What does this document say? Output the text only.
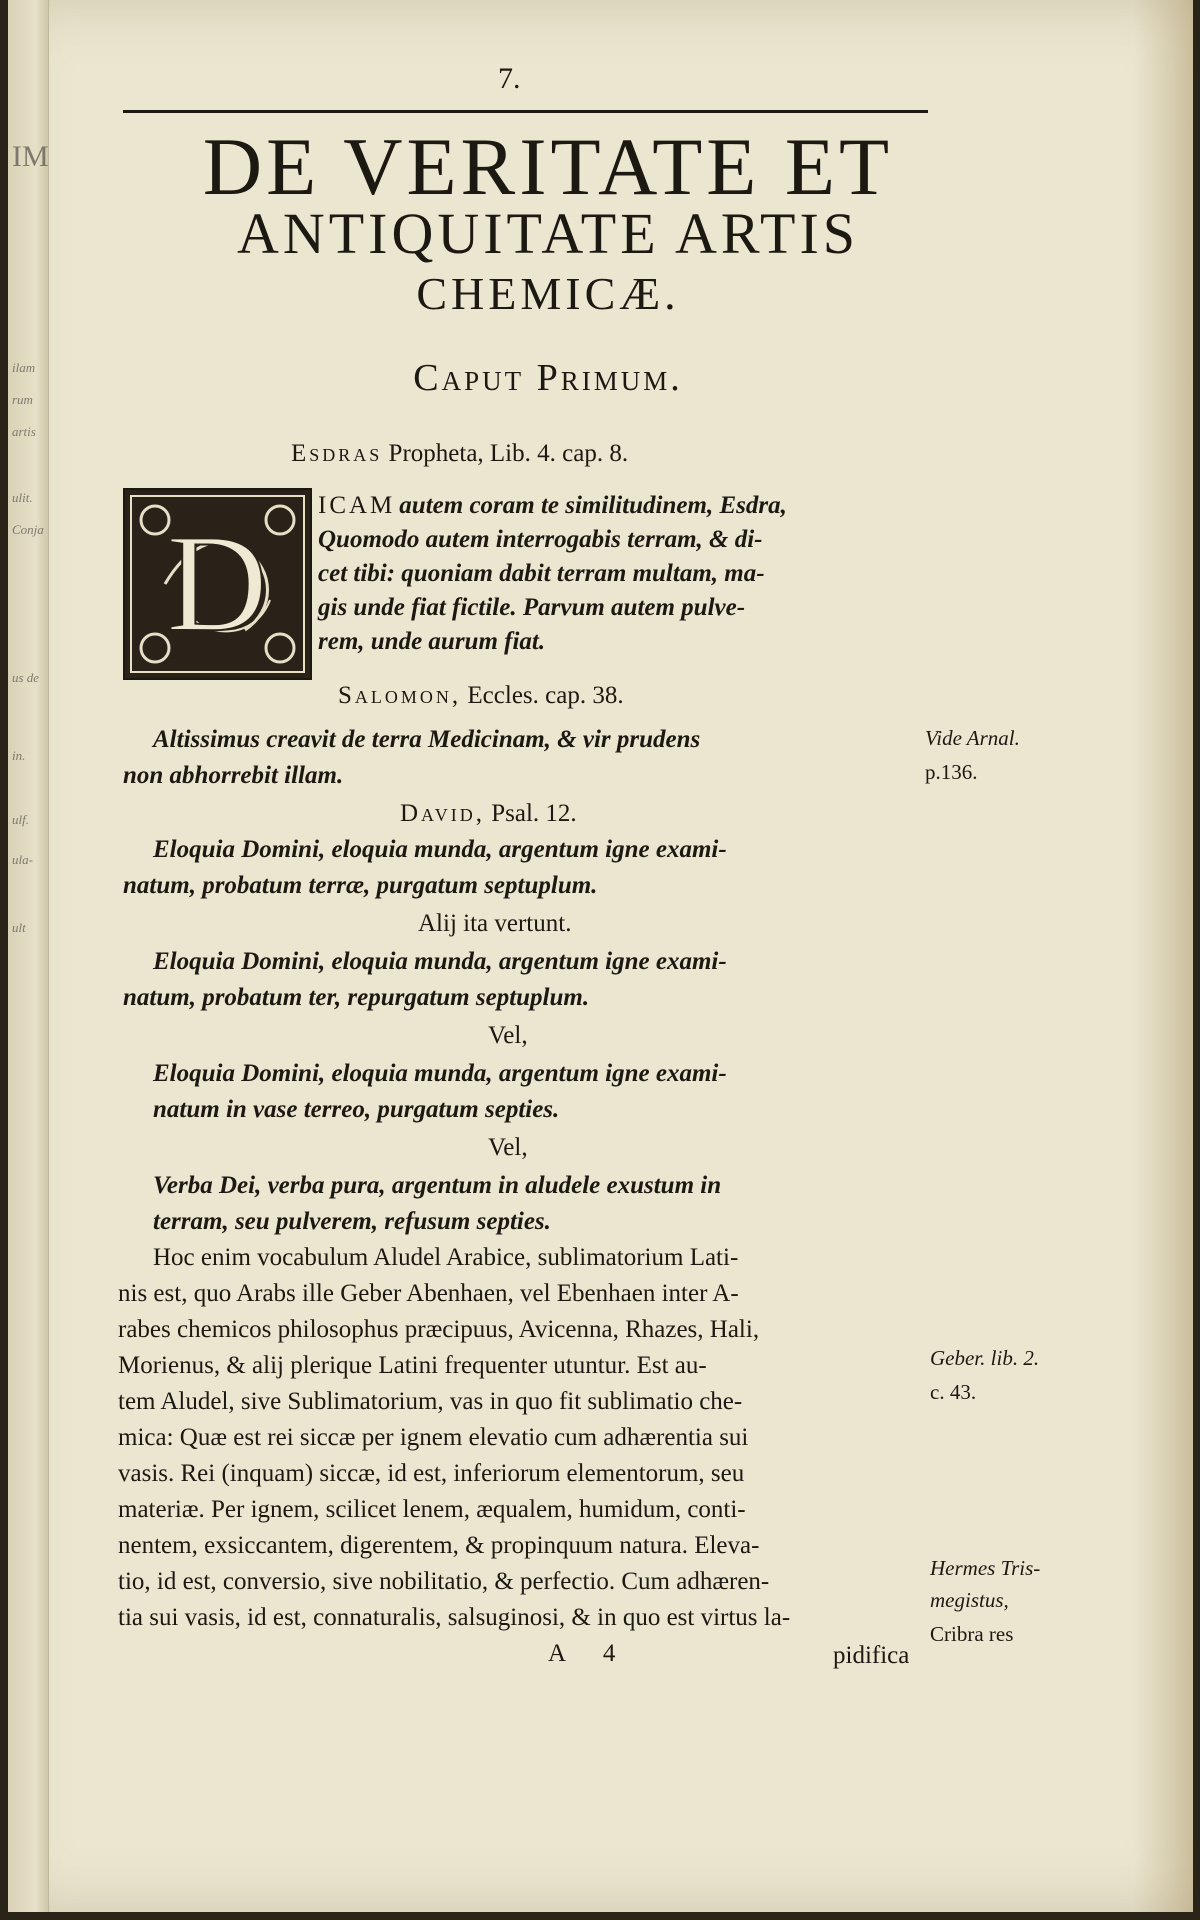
IM
ilam
rum
artis
ulit.
Conja
us de
in.
ulf.
ula-
ult
7.
DE VERITATE ET
ANTIQUITATE ARTIS
CHEMICÆ.
Caput Primum.
Esdras Propheta, Lib. 4. cap. 8.
D
ICAM autem coram te similitudinem, Esdra,
Quomodo autem interrogabis terram, & di-
cet tibi: quoniam dabit terram multam, ma-
gis unde fiat fictile. Parvum autem pulve-
rem, unde aurum fiat.
Salomon, Eccles. cap. 38.
Altissimus creavit de terra Medicinam, & vir prudens
non abhorrebit illam.
Vide Arnal.
p.136.
David, Psal. 12.
Eloquia Domini, eloquia munda, argentum igne exami-
natum, probatum terræ, purgatum septuplum.
Alij ita vertunt.
Eloquia Domini, eloquia munda, argentum igne exami-
natum, probatum ter, repurgatum septuplum.
Vel,
Eloquia Domini, eloquia munda, argentum igne exami-
natum in vase terreo, purgatum septies.
Vel,
Verba Dei, verba pura, argentum in aludele exustum in
terram, seu pulverem, refusum septies.
Hoc enim vocabulum Aludel Arabice, sublimatorium Lati-
nis est, quo Arabs ille Geber Abenhaen, vel Ebenhaen inter A-
rabes chemicos philosophus præcipuus, Avicenna, Rhazes, Hali,
Morienus, & alij plerique Latini frequenter utuntur. Est au-
tem Aludel, sive Sublimatorium, vas in quo fit sublimatio che-
mica: Quæ est rei siccæ per ignem elevatio cum adhærentia sui
vasis. Rei (inquam) siccæ, id est, inferiorum elementorum, seu
materiæ. Per ignem, scilicet lenem, æqualem, humidum, conti-
nentem, exsiccantem, digerentem, & propinquum natura. Eleva-
tio, id est, conversio, sive nobilitatio, & perfectio. Cum adhæren-
tia sui vasis, id est, connaturalis, salsuginosi, & in quo est virtus la-
Geber. lib. 2.
c. 43.
Hermes Tris-
megistus,
Cribra res
A 4	pidifica
